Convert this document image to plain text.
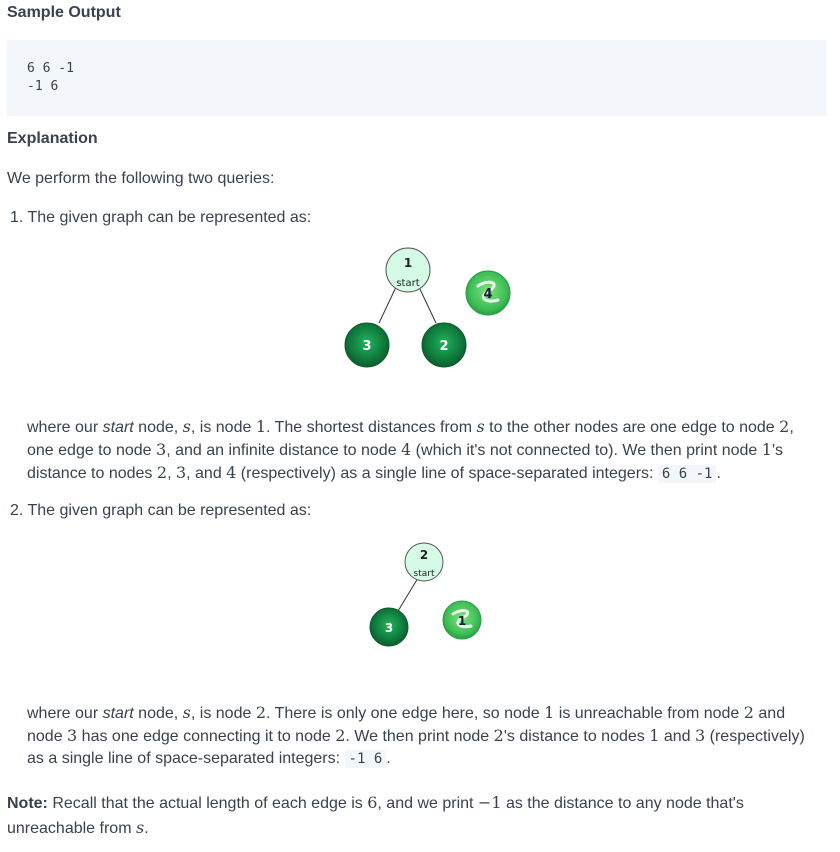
Sample Output
6 6 -1
-1 6
Explanation
We perform the following two queries:
1. The given graph can be represented as:
1
start
3	2
4
where our start node, s, is node 1. The shortest distances from s to the other nodes are one edge to node 2,
one edge to node 3, and an infinite distance to node 4 (which it's not connected to). We then print node 1's
distance to nodes 2, 3, and 4 (respectively) as a single line of space-separated integers: 6 6 -1 .
2. The given graph can be represented as:
2
start
3	1
where our start node, s, is node 2. There is only one edge here, so node 1 is unreachable from node 2 and
node 3 has one edge connecting it to node 2. We then print node 2's distance to nodes 1 and 3 (respectively)
as a single line of space-separated integers: -1 6 .
Note: Recall that the actual length of each edge is 6, and we print −1 as the distance to any node that's
unreachable from s.
